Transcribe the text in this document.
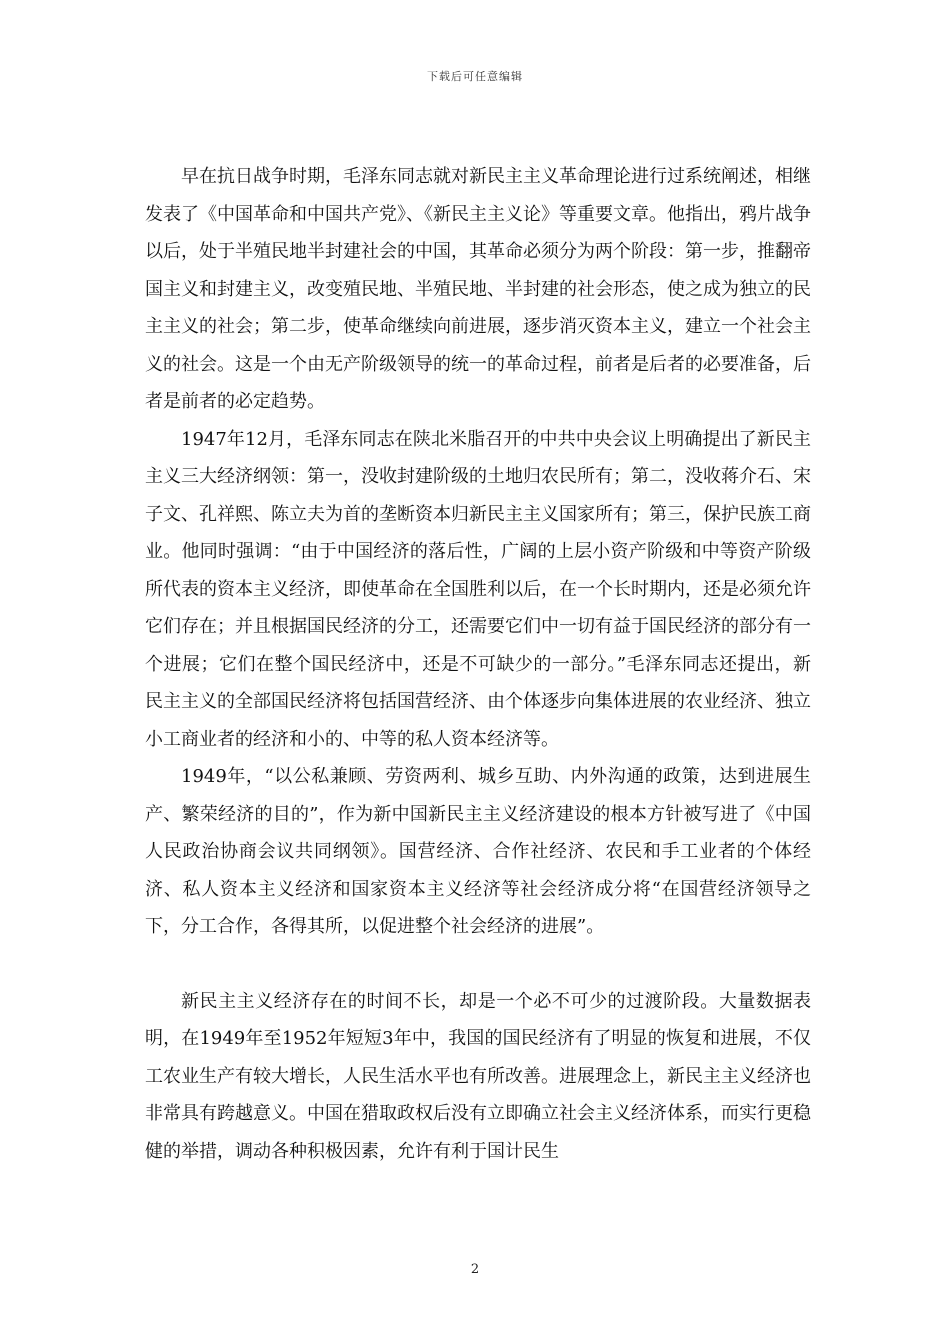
下载后可任意编辑

早在抗日战争时期，毛泽东同志就对新民主主义革命理论进行过系统阐述，相继发表了《中国革命和中国共产党》、《新民主主义论》等重要文章。他指出，鸦片战争以后，处于半殖民地半封建社会的中国，其革命必须分为两个阶段：第一步，推翻帝国主义和封建主义，改变殖民地、半殖民地、半封建的社会形态，使之成为独立的民主主义的社会；第二步，使革命继续向前进展，逐步消灭资本主义，建立一个社会主义的社会。这是一个由无产阶级领导的统一的革命过程，前者是后者的必要准备，后者是前者的必定趋势。

1947年12月，毛泽东同志在陕北米脂召开的中共中央会议上明确提出了新民主主义三大经济纲领：第一，没收封建阶级的土地归农民所有；第二，没收蒋介石、宋子文、孔祥熙、陈立夫为首的垄断资本归新民主主义国家所有；第三，保护民族工商业。他同时强调：“由于中国经济的落后性，广阔的上层小资产阶级和中等资产阶级所代表的资本主义经济，即使革命在全国胜利以后，在一个长时期内，还是必须允许它们存在；并且根据国民经济的分工，还需要它们中一切有益于国民经济的部分有一个进展；它们在整个国民经济中，还是不可缺少的一部分。”毛泽东同志还提出，新民主主义的全部国民经济将包括国营经济、由个体逐步向集体进展的农业经济、独立小工商业者的经济和小的、中等的私人资本经济等。

1949年，“以公私兼顾、劳资两利、城乡互助、内外沟通的政策，达到进展生产、繁荣经济的目的”，作为新中国新民主主义经济建设的根本方针被写进了《中国人民政治协商会议共同纲领》。国营经济、合作社经济、农民和手工业者的个体经济、私人资本主义经济和国家资本主义经济等社会经济成分将“在国营经济领导之下，分工合作，各得其所，以促进整个社会经济的进展”。

新民主主义经济存在的时间不长，却是一个必不可少的过渡阶段。大量数据表明，在1949年至1952年短短3年中，我国的国民经济有了明显的恢复和进展，不仅工农业生产有较大增长，人民生活水平也有所改善。进展理念上，新民主主义经济也非常具有跨越意义。中国在猎取政权后没有立即确立社会主义经济体系，而实行更稳健的举措，调动各种积极因素，允许有利于国计民生

2
